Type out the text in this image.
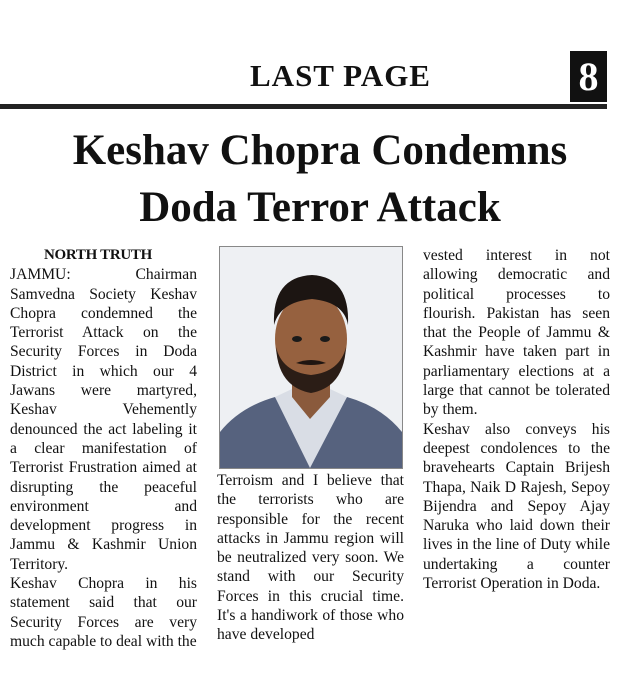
LAST PAGE	8
Keshav Chopra Condemns
Doda Terror Attack

NORTH TRUTH

JAMMU: Chairman Samvedna Society Keshav Chopra condemned the Terrorist Attack on the Security Forces in Doda District in which our 4 Jawans were martyred, Keshav Vehemently denounced the act labeling it a clear manifestation of Terrorist Frustration aimed at disrupting the peaceful environment and development progress in Jammu & Kashmir Union Territory.

Keshav Chopra in his statement said that our Security Forces are very much capable to deal with the

Terroism and I believe that the terrorists who are responsible for the recent attacks in Jammu region will be neutralized very soon. We stand with our Security Forces in this crucial time. It's a handiwork of those who have developed

vested interest in not allowing democratic and political processes to flourish. Pakistan has seen that the People of Jammu & Kashmir have taken part in parliamentary elections at a large that cannot be tolerated by them.

Keshav also conveys his deepest condolences to the bravehearts Captain Brijesh Thapa, Naik D Rajesh, Sepoy Bijendra and Sepoy Ajay Naruka who laid down their lives in the line of Duty while undertaking a counter Terrorist Operation in Doda.
